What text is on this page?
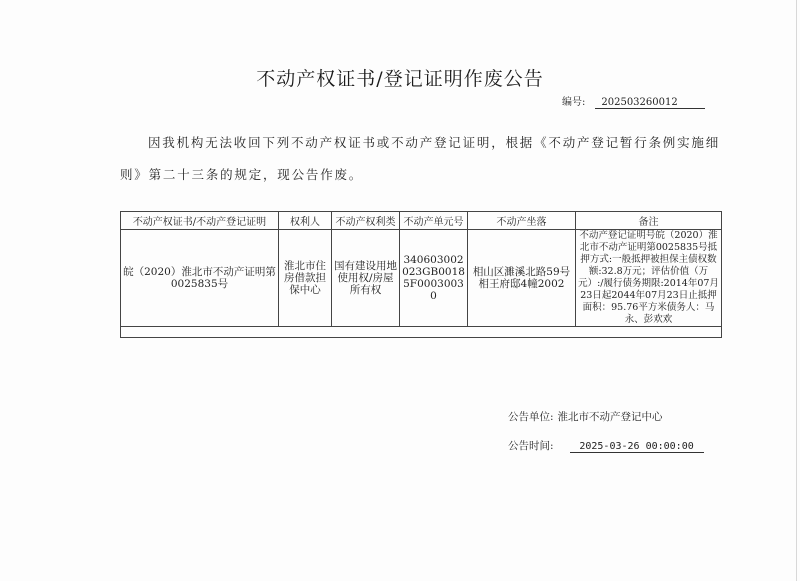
不动产权证书/登记证明作废公告
编号: 202503260012

因我机构无法收回下列不动产权证书或不动产登记证明，根据《不动产登记暂行条例实施细则》第二十三条的规定，现公告作废。

不动产权证书/不动产登记证明	权利人	不动产权利类	不动产单元号	不动产坐落	备注
皖（2020）淮北市不动产证明第0025835号	淮北市住房借款担保中心	国有建设用地使用权/房屋所有权	340603002023GB00185F00030030	相山区濉溪北路59号相王府邸4幢2002	不动产登记证明号皖（2020）淮北市不动产证明第0025835号抵押方式:一般抵押被担保主债权数额:32.8万元；评估价值（万元）:/履行债务期限:2014年07月23日起2044年07月23日止抵押面积：95.76平方米债务人：马永、彭欢欢

公告单位: 淮北市不动产登记中心
公告时间:	2025-03-26 00:00:00
